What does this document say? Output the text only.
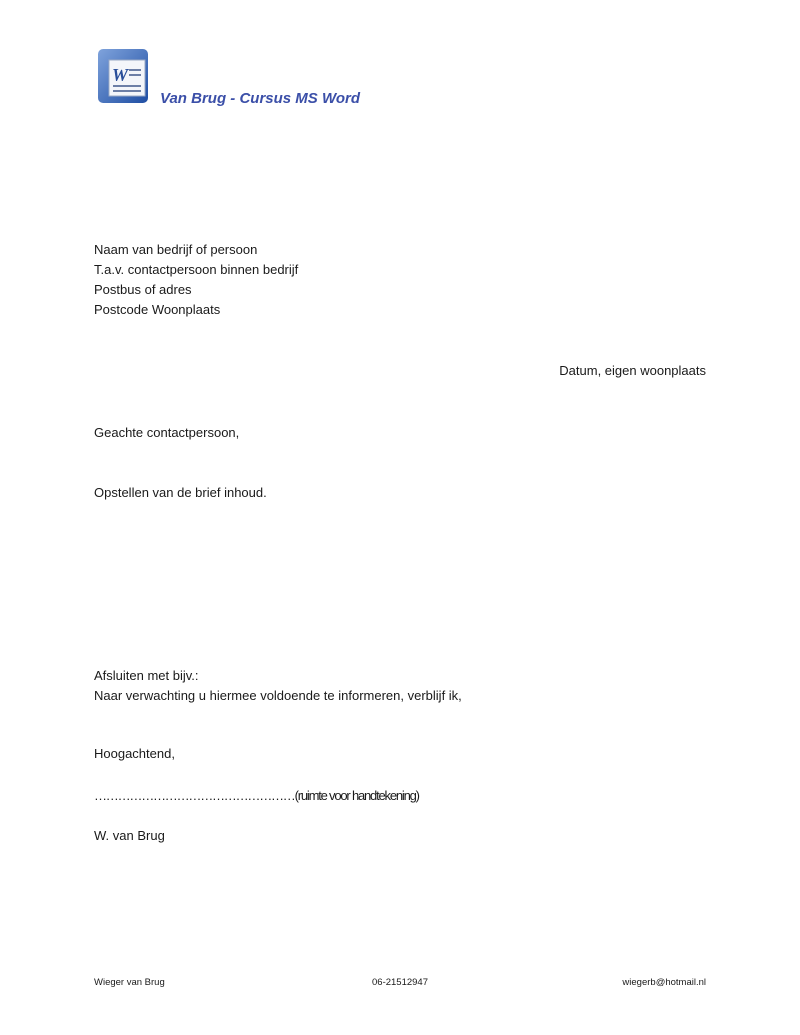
W
Van Brug - Cursus MS Word
Naam van bedrijf of persoon
T.a.v. contactpersoon binnen bedrijf
Postbus of adres
Postcode Woonplaats
Datum, eigen woonplaats
Geachte contactpersoon,
Opstellen van de brief inhoud.
Afsluiten met bijv.:
Naar verwachting u hiermee voldoende te informeren, verblijf ik,
Hoogachtend,
……………………………………………(ruimte voor handtekening)
W. van Brug
Wieger van Brug	06-21512947	wiegerb@hotmail.nl
